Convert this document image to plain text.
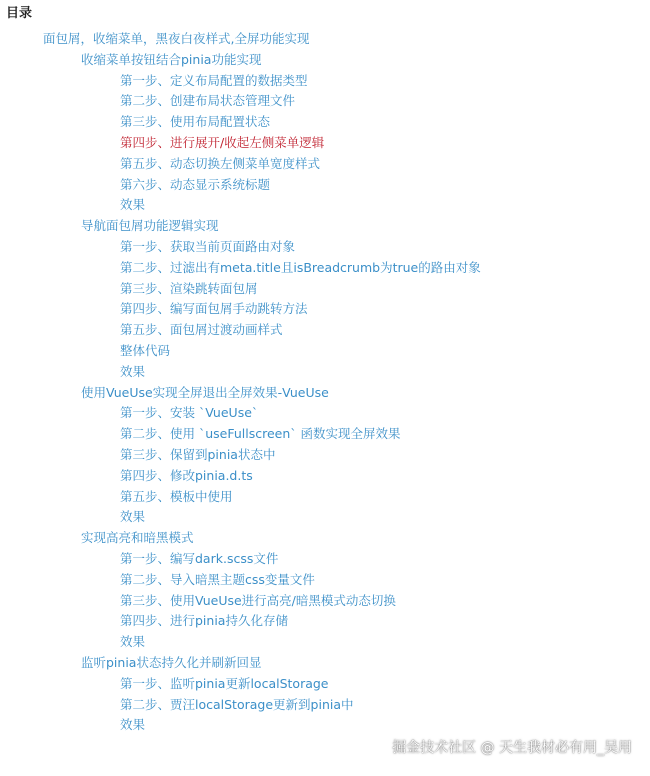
目录
面包屑，收缩菜单，黑夜白夜样式,全屏功能实现
收缩菜单按钮结合pinia功能实现
第一步、定义布局配置的数据类型
第二步、创建布局状态管理文件
第三步、使用布局配置状态
第四步、进行展开/收起左侧菜单逻辑
第五步、动态切换左侧菜单宽度样式
第六步、动态显示系统标题
效果
导航面包屑功能逻辑实现
第一步、获取当前页面路由对象
第二步、过滤出有meta.title且isBreadcrumb为true的路由对象
第三步、渲染跳转面包屑
第四步、编写面包屑手动跳转方法
第五步、面包屑过渡动画样式
整体代码
效果
使用VueUse实现全屏退出全屏效果-VueUse
第一步、安装 `VueUse`
第二步、使用 `useFullscreen` 函数实现全屏效果
第三步、保留到pinia状态中
第四步、修改pinia.d.ts
第五步、模板中使用
效果
实现高亮和暗黑模式
第一步、编写dark.scss文件
第二步、导入暗黑主题css变量文件
第三步、使用VueUse进行高亮/暗黑模式动态切换
第四步、进行pinia持久化存储
效果
监听pinia状态持久化并刷新回显
第一步、监听pinia更新localStorage
第二步、贾汪localStorage更新到pinia中
效果
掘金技术社区 @ 天生我材必有用_吴用
